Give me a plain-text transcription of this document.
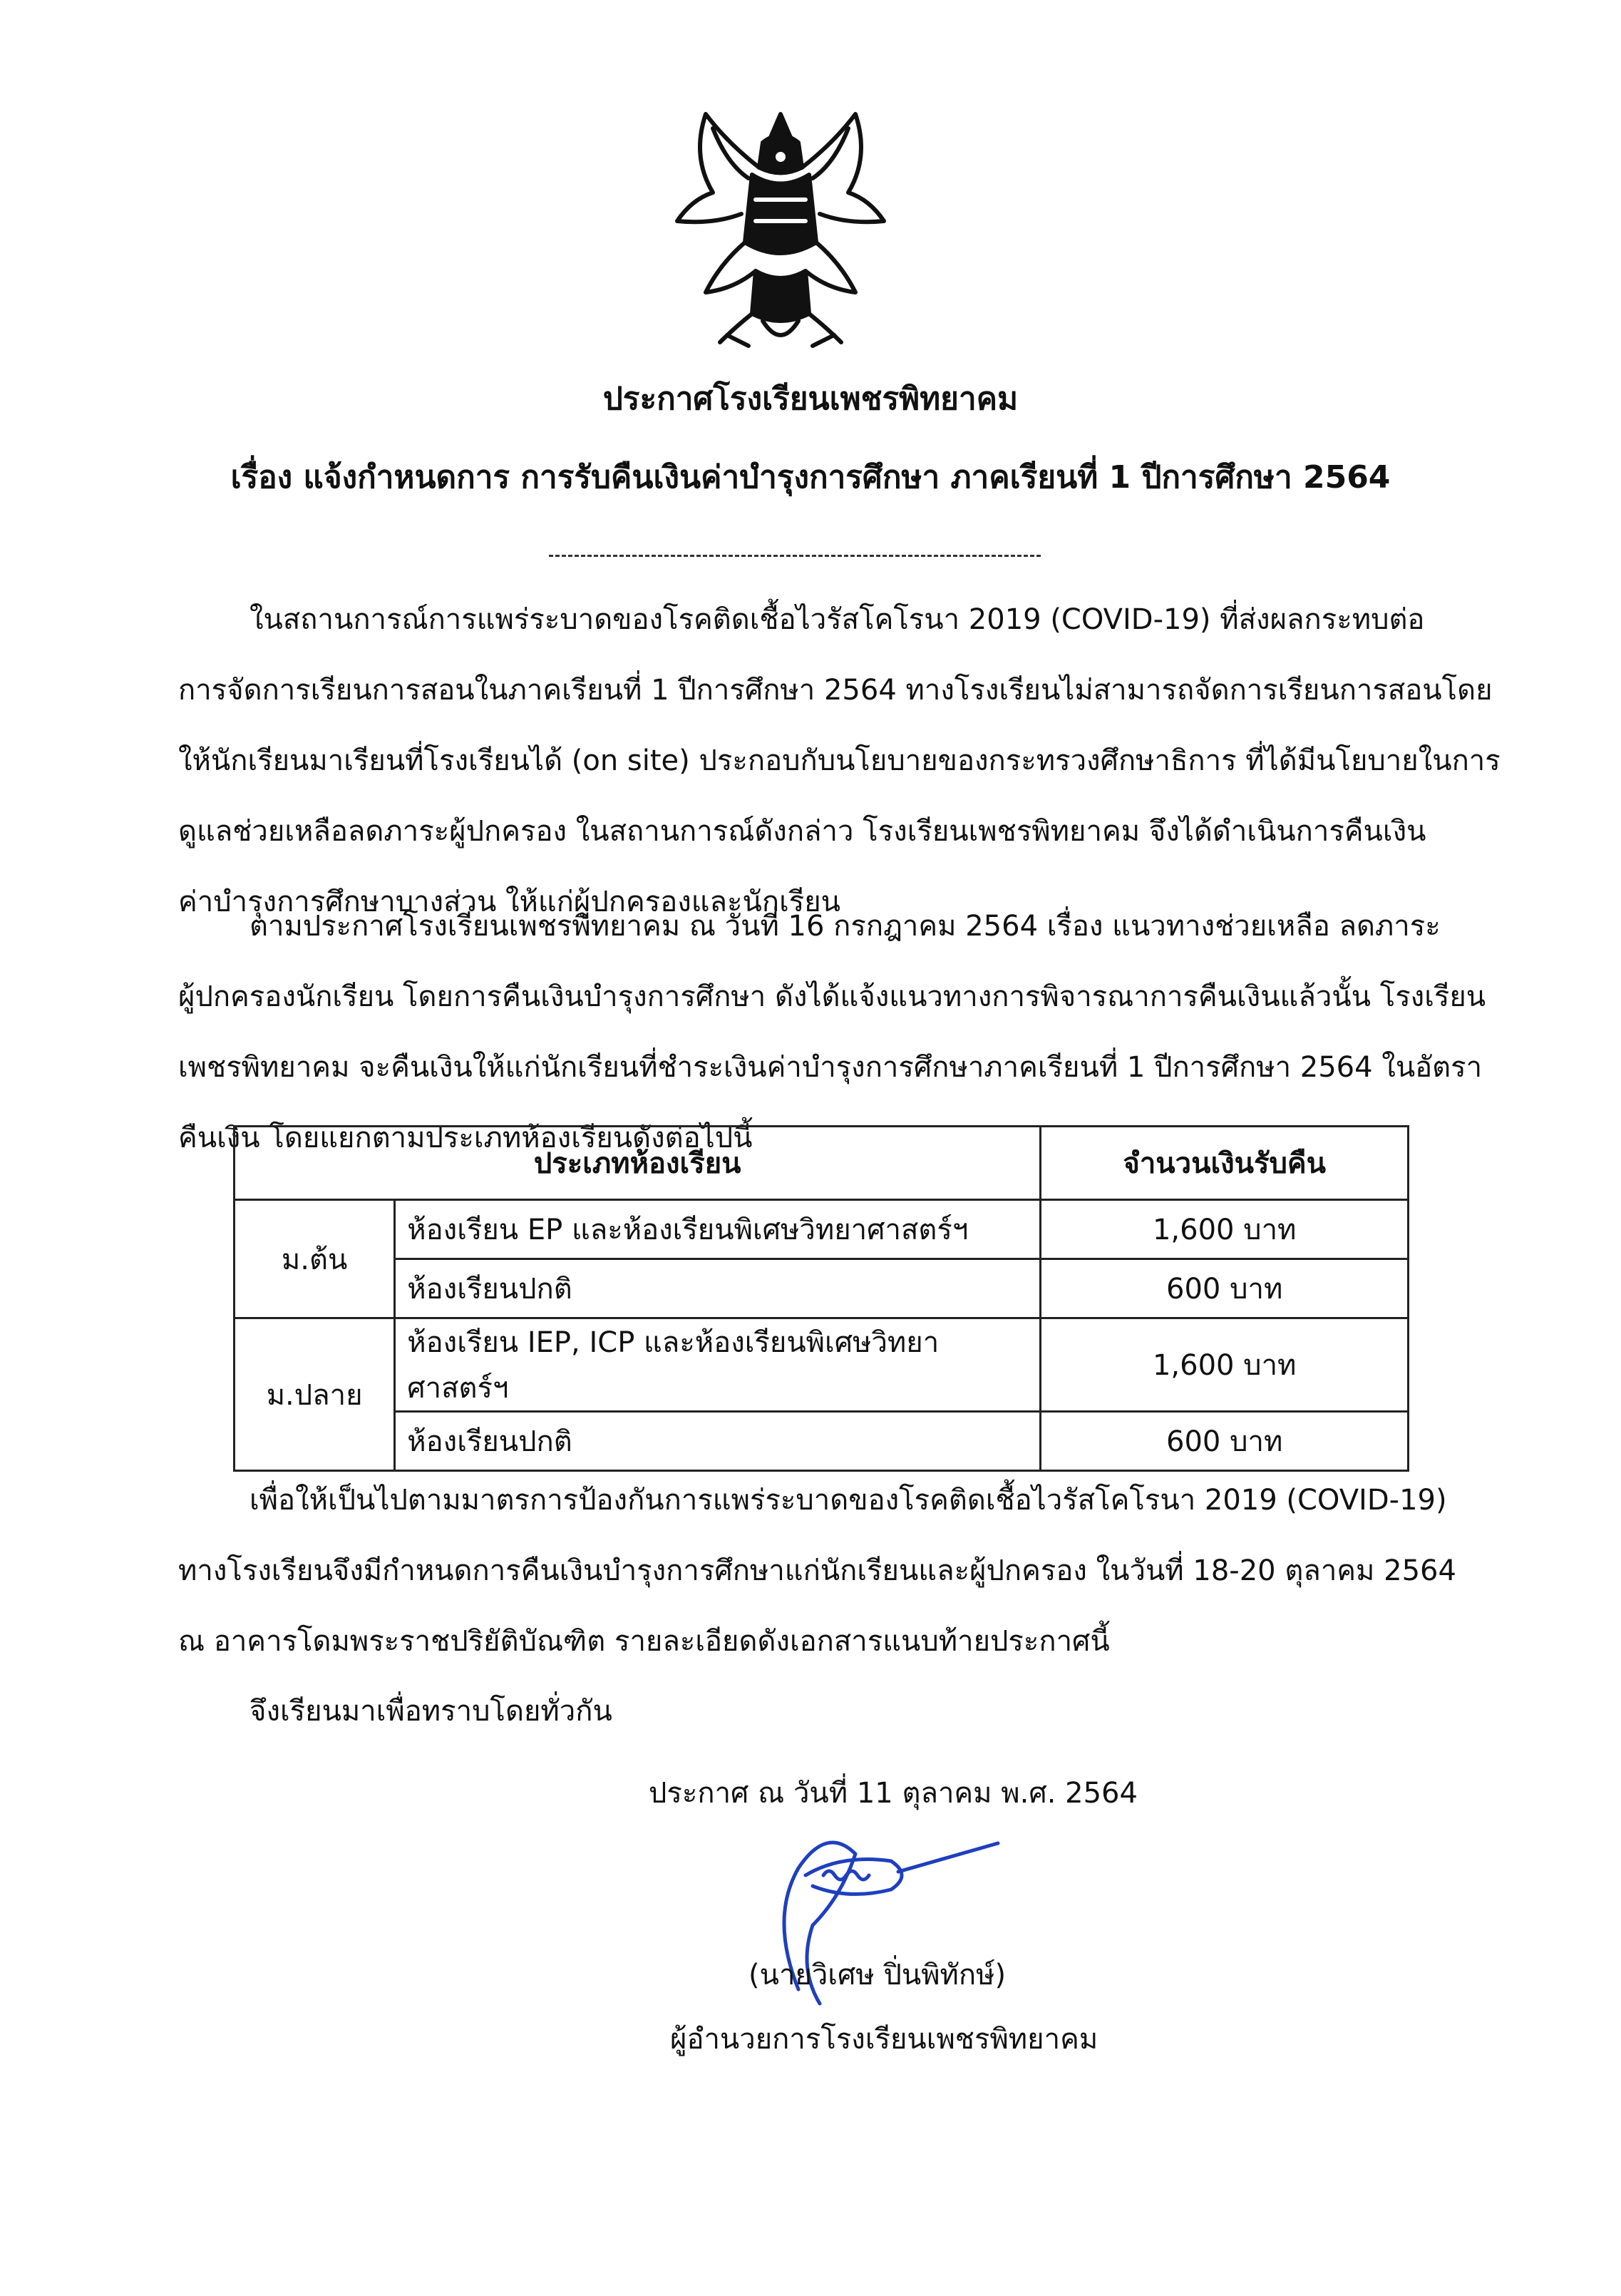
ประกาศโรงเรียนเพชรพิทยาคม
เรื่อง แจ้งกำหนดการ การรับคืนเงินค่าบำรุงการศึกษา ภาคเรียนที่ 1 ปีการศึกษา 2564
ในสถานการณ์การแพร่ระบาดของโรคติดเชื้อไวรัสโคโรนา 2019 (COVID-19) ที่ส่งผลกระทบต่อ
การจัดการเรียนการสอนในภาคเรียนที่ 1 ปีการศึกษา 2564 ทางโรงเรียนไม่สามารถจัดการเรียนการสอนโดย
ให้นักเรียนมาเรียนที่โรงเรียนได้ (on site) ประกอบกับนโยบายของกระทรวงศึกษาธิการ ที่ได้มีนโยบายในการ
ดูแลช่วยเหลือลดภาระผู้ปกครอง ในสถานการณ์ดังกล่าว โรงเรียนเพชรพิทยาคม จึงได้ดำเนินการคืนเงิน
ค่าบำรุงการศึกษาบางส่วน ให้แก่ผู้ปกครองและนักเรียน
ตามประกาศโรงเรียนเพชรพิทยาคม ณ วันที่ 16 กรกฎาคม 2564 เรื่อง แนวทางช่วยเหลือ ลดภาระ
ผู้ปกครองนักเรียน โดยการคืนเงินบำรุงการศึกษา ดังได้แจ้งแนวทางการพิจารณาการคืนเงินแล้วนั้น โรงเรียน
เพชรพิทยาคม จะคืนเงินให้แก่นักเรียนที่ชำระเงินค่าบำรุงการศึกษาภาคเรียนที่ 1 ปีการศึกษา 2564 ในอัตรา
คืนเงิน โดยแยกตามประเภทห้องเรียนดังต่อไปนี้
ประเภทห้องเรียน		จำนวนเงินรับคืน
ม.ต้น	ห้องเรียน EP และห้องเรียนพิเศษวิทยาศาสตร์ฯ	1,600 บาท
	ห้องเรียนปกติ	600 บาท
ม.ปลาย	ห้องเรียน IEP, ICP และห้องเรียนพิเศษวิทยาศาสตร์ฯ	1,600 บาท
	ห้องเรียนปกติ	600 บาท
เพื่อให้เป็นไปตามมาตรการป้องกันการแพร่ระบาดของโรคติดเชื้อไวรัสโคโรนา 2019 (COVID-19)
ทางโรงเรียนจึงมีกำหนดการคืนเงินบำรุงการศึกษาแก่นักเรียนและผู้ปกครอง ในวันที่ 18-20 ตุลาคม 2564
ณ อาคารโดมพระราชปริยัติบัณฑิต รายละเอียดดังเอกสารแนบท้ายประกาศนี้
จึงเรียนมาเพื่อทราบโดยทั่วกัน
ประกาศ ณ วันที่ 11 ตุลาคม พ.ศ. 2564
(นายวิเศษ ปิ่นพิทักษ์)
ผู้อำนวยการโรงเรียนเพชรพิทยาคม
